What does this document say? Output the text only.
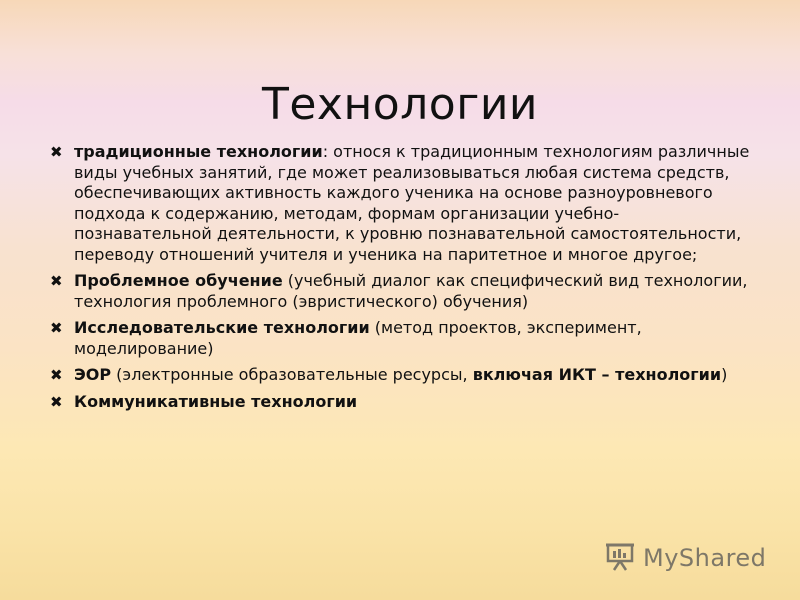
Технологии
✖ традиционные технологии: относя к традиционным технологиям различные виды учебных занятий, где может реализовываться любая система средств, обеспечивающих активность каждого ученика на основе разноуровневого подхода к содержанию, методам, формам организации учебно-познавательной деятельности, к уровню познавательной самостоятельности, переводу отношений учителя и ученика на паритетное и многое другое;
✖ Проблемное обучение (учебный диалог как специфический вид технологии, технология проблемного (эвристического) обучения)
✖ Исследовательские технологии (метод проектов, эксперимент, моделирование)
✖ ЭОР (электронные образовательные ресурсы, включая ИКТ – технологии)
✖ Коммуникативные технологии
MyShared
